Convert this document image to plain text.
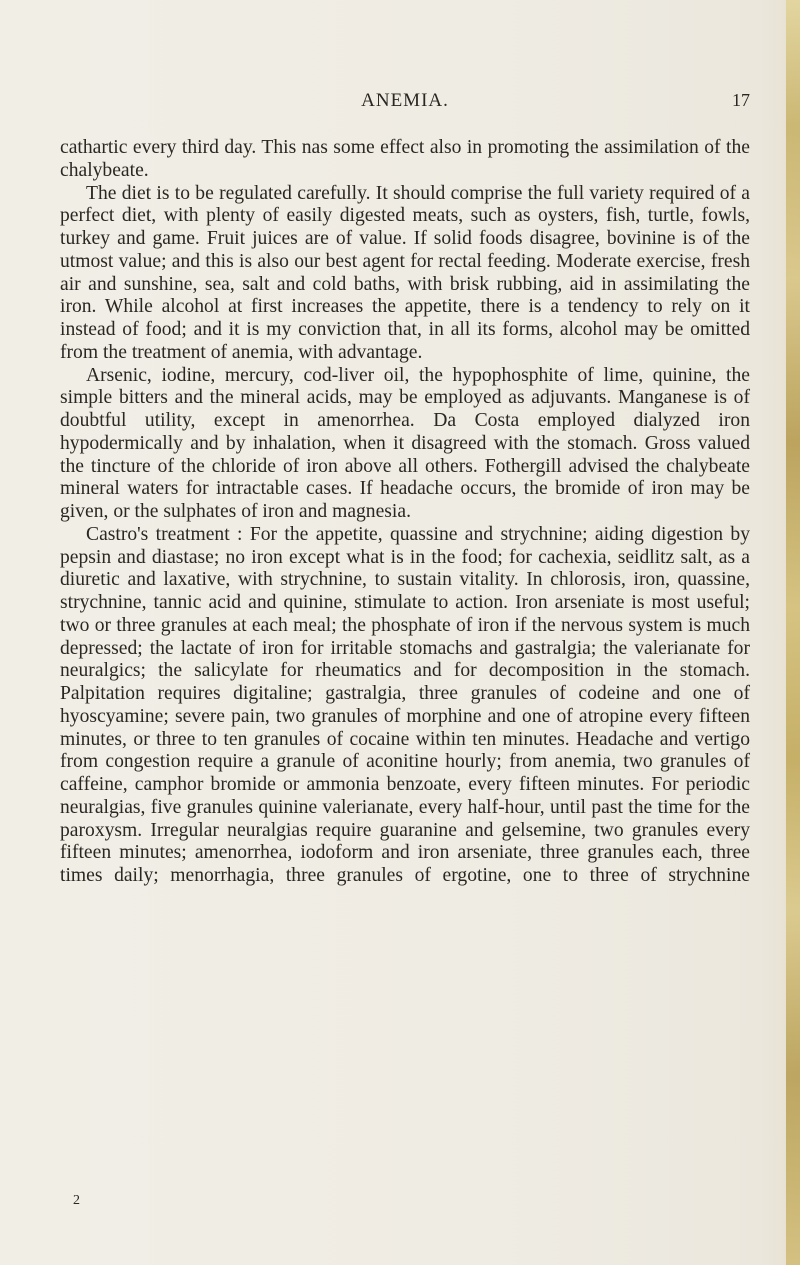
ANEMIA.	17

cathartic every third day. This nas some effect also in promoting the assimilation of the chalybeate.

The diet is to be regulated carefully. It should comprise the full variety required of a perfect diet, with plenty of easily digested meats, such as oysters, fish, turtle, fowls, turkey and game. Fruit juices are of value. If solid foods disagree, bovinine is of the utmost value; and this is also our best agent for rectal feeding. Moderate exercise, fresh air and sunshine, sea, salt and cold baths, with brisk rubbing, aid in assimilating the iron. While alcohol at first increases the appetite, there is a tendency to rely on it instead of food; and it is my conviction that, in all its forms, alcohol may be omitted from the treatment of anemia, with advantage.

Arsenic, iodine, mercury, cod-liver oil, the hypophosphite of lime, quinine, the simple bitters and the mineral acids, may be employed as adjuvants. Manganese is of doubtful utility, except in amenorrhea. Da Costa employed dialyzed iron hypodermically and by inhalation, when it disagreed with the stomach. Gross valued the tincture of the chloride of iron above all others. Fothergill advised the chalybeate mineral waters for intractable cases. If headache occurs, the bromide of iron may be given, or the sulphates of iron and magnesia.

Castro's treatment : For the appetite, quassine and strychnine; aiding digestion by pepsin and diastase; no iron except what is in the food; for cachexia, seidlitz salt, as a diuretic and laxative, with strychnine, to sustain vitality. In chlorosis, iron, quassine, strychnine, tannic acid and quinine, stimulate to action. Iron arseniate is most useful; two or three granules at each meal; the phosphate of iron if the nervous system is much depressed; the lactate of iron for irritable stomachs and gastralgia; the valerianate for neuralgics; the salicylate for rheumatics and for decomposition in the stomach. Palpitation requires digitaline; gastralgia, three granules of codeine and one of hyoscyamine; severe pain, two granules of morphine and one of atropine every fifteen minutes, or three to ten granules of cocaine within ten minutes. Headache and vertigo from congestion require a granule of aconitine hourly; from anemia, two granules of caffeine, camphor bromide or ammonia benzoate, every fifteen minutes. For periodic neuralgias, five granules quinine valerianate, every half-hour, until past the time for the paroxysm. Irregular neuralgias require guaranine and gelsemine, two granules every fifteen minutes; amenorrhea, iodoform and iron arseniate, three granules each, three times daily; menorrhagia, three granules of ergotine, one to three of strychnine

2
